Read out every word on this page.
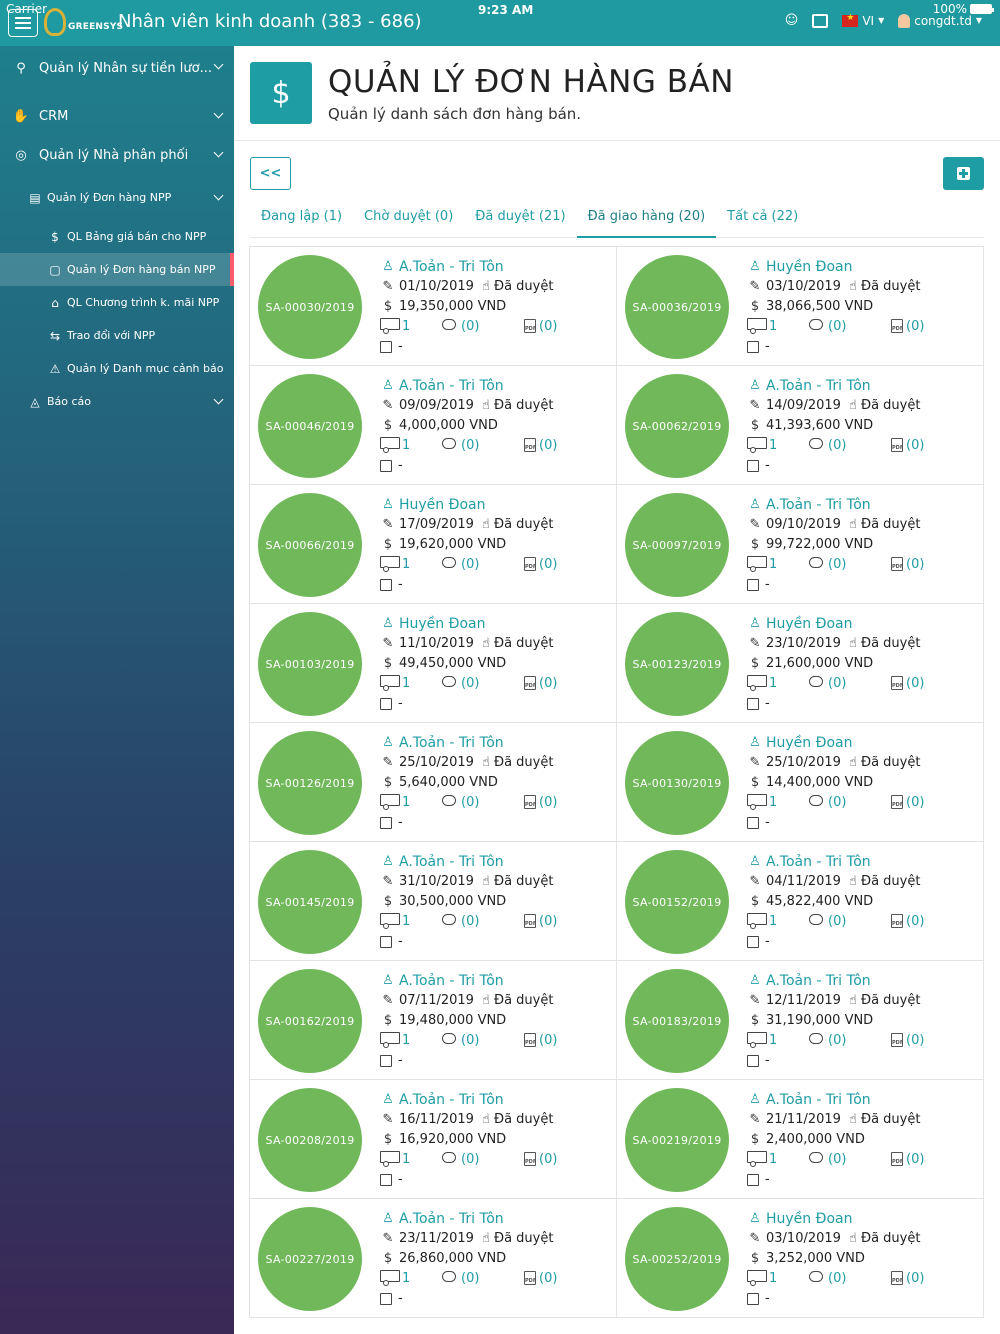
Carrier	9:23 AM	100%
GREENSYS
Nhân viên kinh doanh (383 - 686)	☺
★	VI ▼	congdt.td ▼
⚲	Quản lý Nhân sự tiền lươ...
✋ CRM
◎ Quản lý Nhà phân phối
▤ Quản lý Đơn hàng NPP
$ QL Bảng giá bán cho NPP
▢ Quản lý Đơn hàng bán NPP
⌂ QL Chương trình k. mãi NPP
⇆ Trao đổi với NPP
⚠ Quản lý Danh mục cảnh báo
◬ Báo cáo
$	QUẢN LÝ ĐƠN HÀNG BÁN
Quản lý danh sách đơn hàng bán.
<<
Đang lập (1)	Chờ duyệt (0)	Đã duyệt (21)	Đã giao hàng (20)	Tất cả (22)
SA-00030/2019
♙ A.Toản - Tri Tôn
✎ 01/10/2019 ☝ Đã duyệt
$ 19,350,000 VND
1	(0)	PDF (0)
-
SA-00036/2019
♙ Huyền Đoan
✎ 03/10/2019 ☝ Đã duyệt
$ 38,066,500 VND
1	(0)	PDF (0)
-
SA-00046/2019
♙ A.Toản - Tri Tôn
✎ 09/09/2019 ☝ Đã duyệt
$ 4,000,000 VND
1	(0)	PDF (0)
-
SA-00062/2019
♙ A.Toản - Tri Tôn
✎ 14/09/2019 ☝ Đã duyệt
$ 41,393,600 VND
1	(0)	PDF (0)
-
SA-00066/2019
♙ Huyền Đoan
✎ 17/09/2019 ☝ Đã duyệt
$ 19,620,000 VND
1	(0)	PDF (0)
-
SA-00097/2019
♙ A.Toản - Tri Tôn
✎ 09/10/2019 ☝ Đã duyệt
$ 99,722,000 VND
1	(0)	PDF (0)
-
SA-00103/2019
♙ Huyền Đoan
✎ 11/10/2019 ☝ Đã duyệt
$ 49,450,000 VND
1	(0)	PDF (0)
-
SA-00123/2019
♙ Huyền Đoan
✎ 23/10/2019 ☝ Đã duyệt
$ 21,600,000 VND
1	(0)	PDF (0)
-
SA-00126/2019
♙ A.Toản - Tri Tôn
✎ 25/10/2019 ☝ Đã duyệt
$ 5,640,000 VND
1	(0)	PDF (0)
-
SA-00130/2019
♙ Huyền Đoan
✎ 25/10/2019 ☝ Đã duyệt
$ 14,400,000 VND
1	(0)	PDF (0)
-
SA-00145/2019
♙ A.Toản - Tri Tôn
✎ 31/10/2019 ☝ Đã duyệt
$ 30,500,000 VND
1	(0)	PDF (0)
-
SA-00152/2019
♙ A.Toản - Tri Tôn
✎ 04/11/2019 ☝ Đã duyệt
$ 45,822,400 VND
1	(0)	PDF (0)
-
SA-00162/2019
♙ A.Toản - Tri Tôn
✎ 07/11/2019 ☝ Đã duyệt
$ 19,480,000 VND
1	(0)	PDF (0)
-
SA-00183/2019
♙ A.Toản - Tri Tôn
✎ 12/11/2019 ☝ Đã duyệt
$ 31,190,000 VND
1	(0)	PDF (0)
-
SA-00208/2019
♙ A.Toản - Tri Tôn
✎ 16/11/2019 ☝ Đã duyệt
$ 16,920,000 VND
1	(0)	PDF (0)
-
SA-00219/2019
♙ A.Toản - Tri Tôn
✎ 21/11/2019 ☝ Đã duyệt
$ 2,400,000 VND
1	(0)	PDF (0)
-
SA-00227/2019
♙ A.Toản - Tri Tôn
✎ 23/11/2019 ☝ Đã duyệt
$ 26,860,000 VND
1	(0)	PDF (0)
-
SA-00252/2019
♙ Huyền Đoan
✎ 03/10/2019 ☝ Đã duyệt
$ 3,252,000 VND
1	(0)	PDF (0)
-
